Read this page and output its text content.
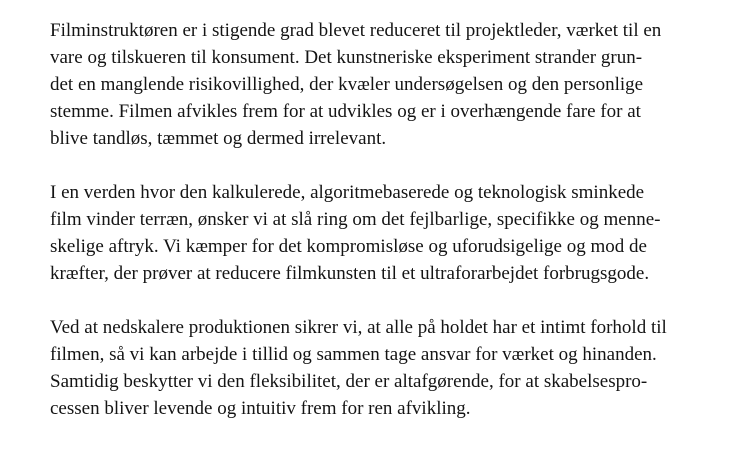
Filminstruktøren er i stigende grad blevet reduceret til projektleder, værket til en
vare og tilskueren til konsument. Det kunstneriske eksperiment strander grun-
det en manglende risikovillighed, der kvæler undersøgelsen og den personlige
stemme. Filmen afvikles frem for at udvikles og er i overhængende fare for at
blive tandløs, tæmmet og dermed irrelevant.
I en verden hvor den kalkulerede, algoritmebaserede og teknologisk sminkede
film vinder terræn, ønsker vi at slå ring om det fejlbarlige, specifikke og menne-
skelige aftryk. Vi kæmper for det kompromisløse og uforudsigelige og mod de
kræfter, der prøver at reducere filmkunsten til et ultraforarbejdet forbrugsgode.
Ved at nedskalere produktionen sikrer vi, at alle på holdet har et intimt forhold til
filmen, så vi kan arbejde i tillid og sammen tage ansvar for værket og hinanden.
Samtidig beskytter vi den fleksibilitet, der er altafgørende, for at skabelsespro-
cessen bliver levende og intuitiv frem for ren afvikling.
